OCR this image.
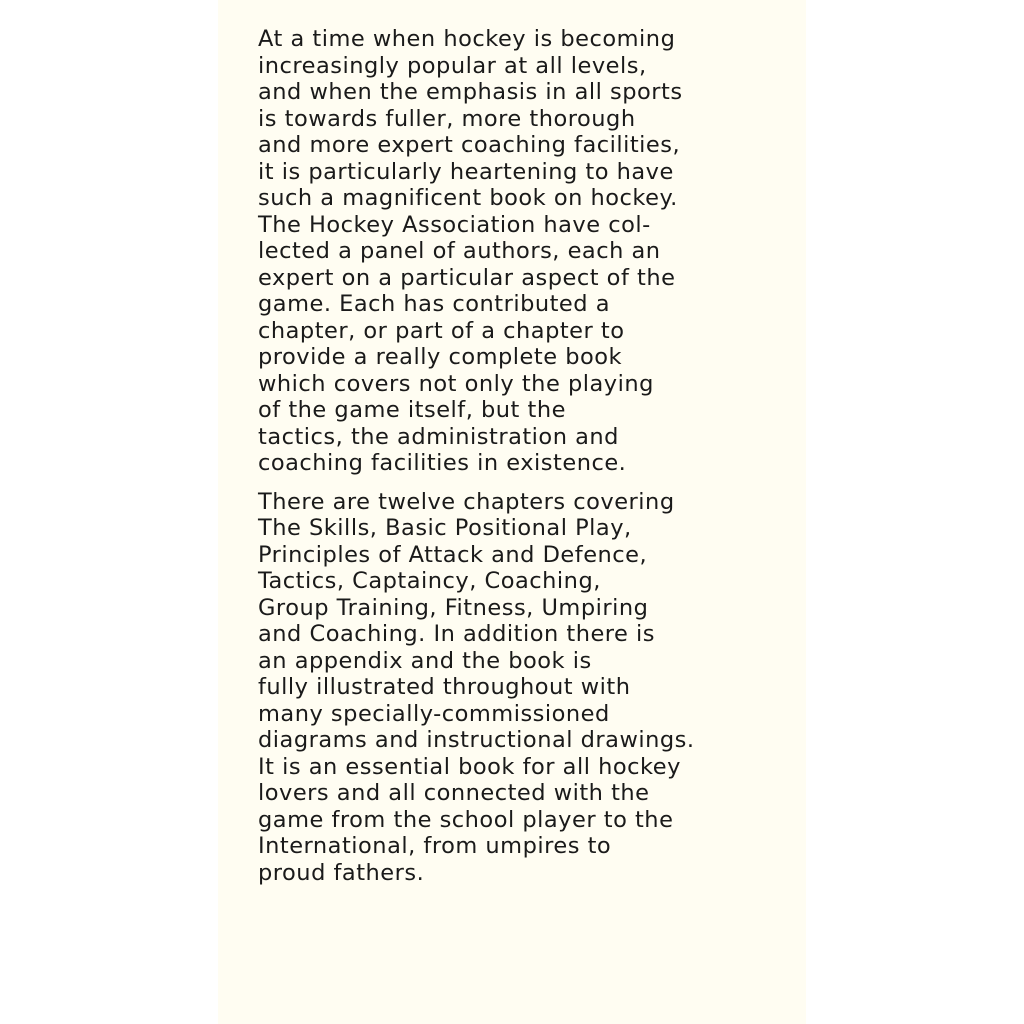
At a time when hockey is becoming
increasingly popular at all levels,
and when the emphasis in all sports
is towards fuller, more thorough
and more expert coaching facilities,
it is particularly heartening to have
such a magnificent book on hockey.
The Hockey Association have col-
lected a panel of authors, each an
expert on a particular aspect of the
game. Each has contributed a
chapter, or part of a chapter to
provide a really complete book
which covers not only the playing
of the game itself, but the
tactics, the administration and
coaching facilities in existence.
There are twelve chapters covering
The Skills, Basic Positional Play,
Principles of Attack and Defence,
Tactics, Captaincy, Coaching,
Group Training, Fitness, Umpiring
and Coaching. In addition there is
an appendix and the book is
fully illustrated throughout with
many specially-commissioned
diagrams and instructional drawings.
It is an essential book for all hockey
lovers and all connected with the
game from the school player to the
International, from umpires to
proud fathers.
